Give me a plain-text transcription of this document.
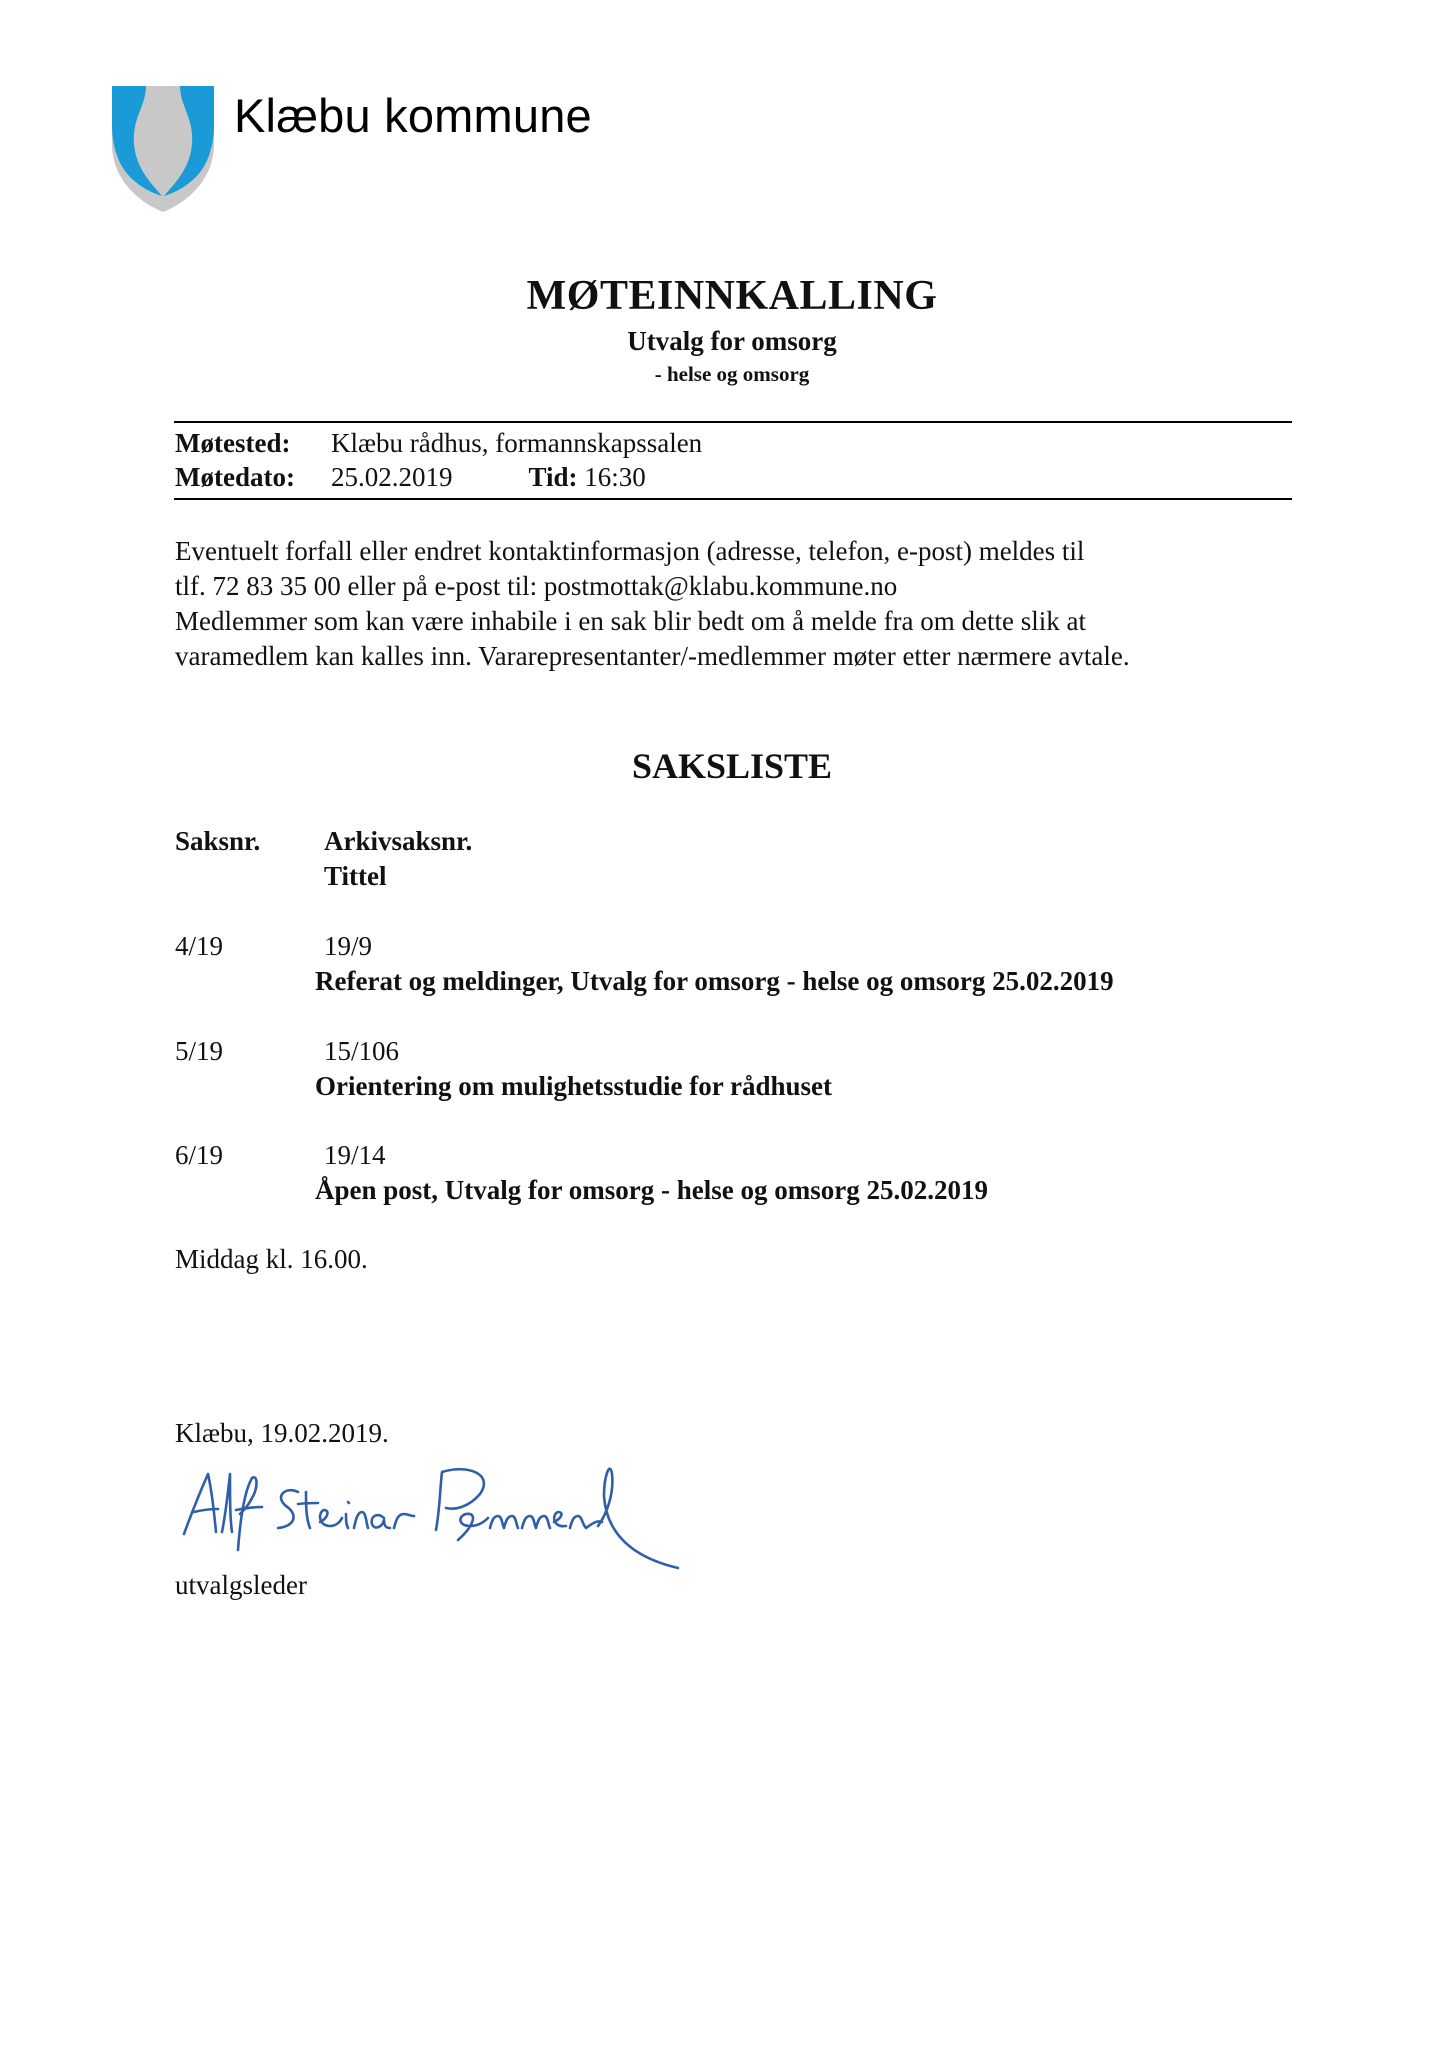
Klæbu kommune
MØTEINNKALLING
Utvalg for omsorg
- helse og omsorg
Møtested: Klæbu rådhus, formannskapssalen
Møtedato: 25.02.2019	Tid: 16:30
Eventuelt forfall eller endret kontaktinformasjon (adresse, telefon, e-post) meldes til
tlf. 72 83 35 00 eller på e-post til: postmottak@klabu.kommune.no
Medlemmer som kan være inhabile i en sak blir bedt om å melde fra om dette slik at
varamedlem kan kalles inn. Vararepresentanter/-medlemmer møter etter nærmere avtale.
SAKSLISTE
Saksnr. Arkivsaksnr.
Tittel
4/19	19/9
Referat og meldinger, Utvalg for omsorg - helse og omsorg 25.02.2019
5/19	15/106
Orientering om mulighetsstudie for rådhuset
6/19	19/14
Åpen post, Utvalg for omsorg - helse og omsorg 25.02.2019
Middag kl. 16.00.
Klæbu, 19.02.2019.
utvalgsleder
